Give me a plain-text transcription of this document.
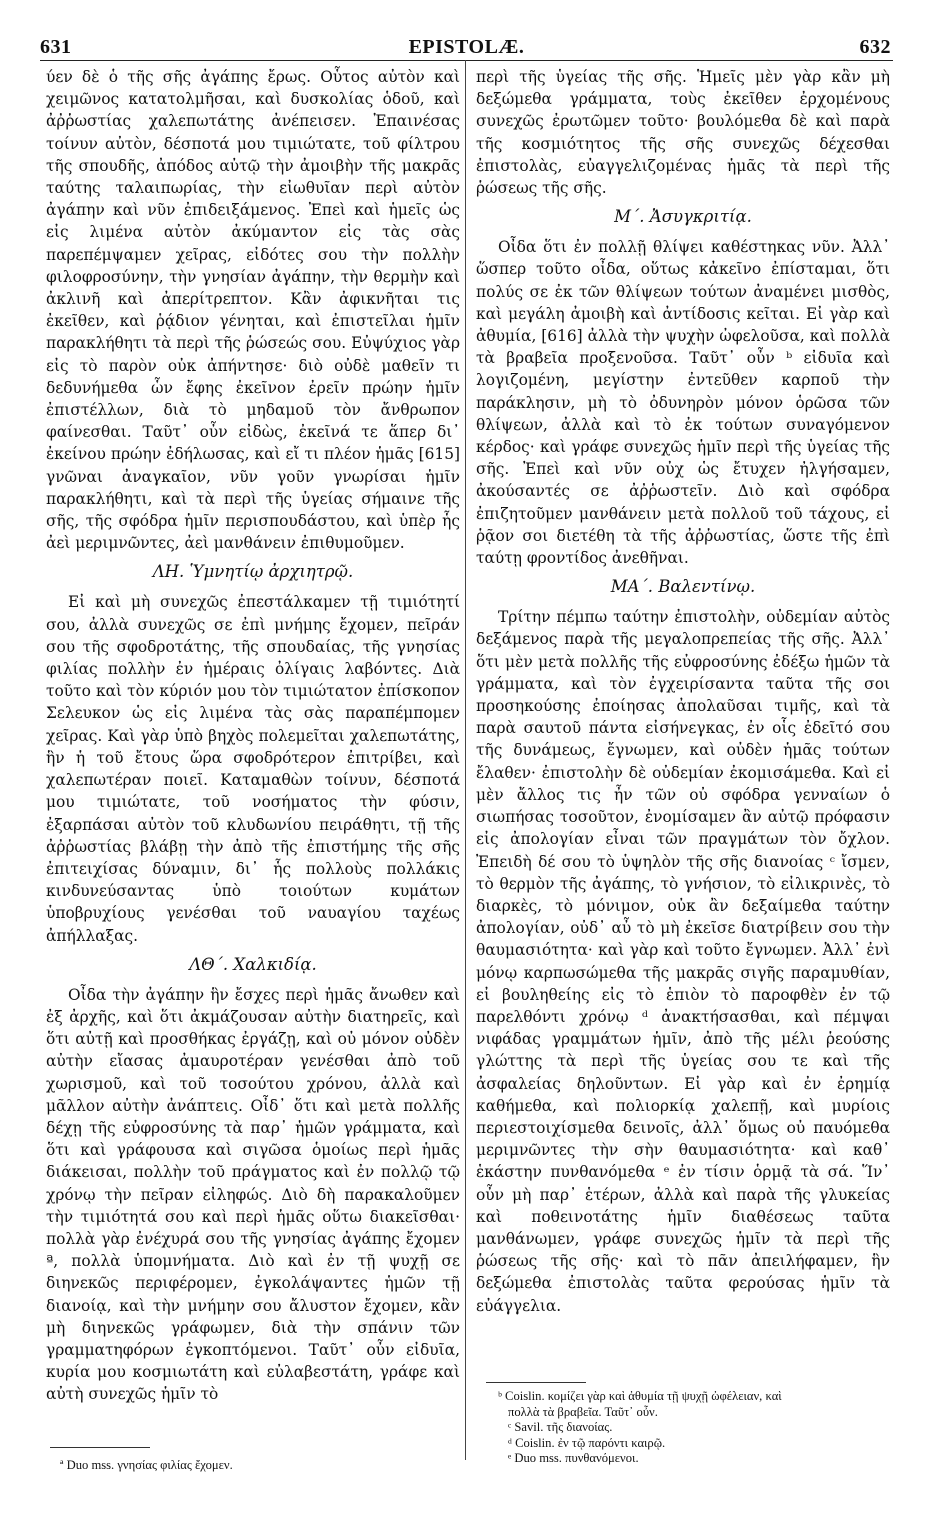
631	EPISTOLÆ.	632

ύεν δὲ ὁ τῆς σῆς ἀγάπης ἔρως. Οὗτος αὐτὸν καὶ χειμῶνος κατατολμῆσαι, καὶ δυσκολίας ὁδοῦ, καὶ ἀῤῥωστίας χαλεπωτάτης ἀνέπεισεν. Ἐπαινέσας τοίνυν αὐτὸν, δέσποτά μου τιμιώτατε, τοῦ φίλτρου τῆς σπουδῆς, ἀπόδος αὐτῷ τὴν ἀμοιβὴν τῆς μακρᾶς ταύτης ταλαιπωρίας, τὴν εἰωθυῖαν περὶ αὐτὸν ἀγάπην καὶ νῦν ἐπιδειξάμενος. Ἐπεὶ καὶ ἡμεῖς ὡς εἰς λιμένα αὐτὸν ἀκύμαντον εἰς τὰς σὰς παρεπέμψαμεν χεῖρας, εἰδότες σου τὴν πολλὴν φιλοφροσύνην, τὴν γνησίαν ἀγάπην, τὴν θερμὴν καὶ ἀκλινῆ καὶ ἀπερίτρεπτον. Κἂν ἀφικνῆται τις ἐκεῖθεν, καὶ ῥᾴδιον γένηται, καὶ ἐπιστεῖλαι ἡμῖν παρακλήθητι τὰ περὶ τῆς ῥώσεώς σου. Εὐψύχιος γὰρ εἰς τὸ παρὸν οὐκ ἀπήντησε· διὸ οὐδὲ μαθεῖν τι δεδυνήμεθα ὧν ἔφης ἐκεῖνον ἐρεῖν πρώην ἡμῖν ἐπιστέλλων, διὰ τὸ μηδαμοῦ τὸν ἄνθρωπον φαίνεσθαι. Ταῦτ᾽ οὖν εἰδὼς, ἐκεῖνά τε ἅπερ δι᾽ ἐκείνου πρώην ἐδήλωσας, καὶ εἴ τι πλέον ἡμᾶς [615] γνῶναι ἀναγκαῖον, νῦν γοῦν γνωρίσαι ἡμῖν παρακλήθητι, καὶ τὰ περὶ τῆς ὑγείας σήμαινε τῆς σῆς, τῆς σφόδρα ἡμῖν περισπουδάστου, καὶ ὑπὲρ ἧς ἀεὶ μεριμνῶντες, ἀεὶ μανθάνειν ἐπιθυμοῦμεν.

ΛΗ. Ὑμνητίῳ ἀρχιητρῷ.

Εἰ καὶ μὴ συνεχῶς ἐπεστάλκαμεν τῇ τιμιότητί σου, ἀλλὰ συνεχῶς σε ἐπὶ μνήμης ἔχομεν, πεῖράν σου τῆς σφοδροτάτης, τῆς σπουδαίας, τῆς γνησίας φιλίας πολλὴν ἐν ἡμέραις ὀλίγαις λαβόντες. Διὰ τοῦτο καὶ τὸν κύριόν μου τὸν τιμιώτατον ἐπίσκοπον Σελευκον ὡς εἰς λιμένα τὰς σὰς παραπέμπομεν χεῖρας. Καὶ γὰρ ὑπὸ βηχὸς πολεμεῖται χαλεπωτάτης, ἣν ἡ τοῦ ἔτους ὥρα σφοδρότερον ἐπιτρίβει, καὶ χαλεπωτέραν ποιεῖ. Καταμαθὼν τοίνυν, δέσποτά μου τιμιώτατε, τοῦ νοσήματος τὴν φύσιν, ἐξαρπάσαι αὐτὸν τοῦ κλυδωνίου πειράθητι, τῇ τῆς ἀῤῥωστίας βλάβῃ τὴν ἀπὸ τῆς ἐπιστήμης τῆς σῆς ἐπιτειχίσας δύναμιν, δι᾽ ἧς πολλοὺς πολλάκις κινδυνεύσαντας ὑπὸ τοιούτων κυμάτων ὑποβρυχίους γενέσθαι τοῦ ναυαγίου ταχέως ἀπήλλαξας.

ΛΘ΄. Χαλκιδίᾳ.

Οἶδα τὴν ἀγάπην ἣν ἔσχες περὶ ἡμᾶς ἄνωθεν καὶ ἐξ ἀρχῆς, καὶ ὅτι ἀκμάζουσαν αὐτὴν διατηρεῖς, καὶ ὅτι αὐτῇ καὶ προσθήκας ἐργάζῃ, καὶ οὐ μόνον οὐδὲν αὐτὴν εἴασας ἀμαυροτέραν γενέσθαι ἀπὸ τοῦ χωρισμοῦ, καὶ τοῦ τοσούτου χρόνου, ἀλλὰ καὶ μᾶλλον αὐτὴν ἀνάπτεις. Οἶδ᾽ ὅτι καὶ μετὰ πολλῆς δέχῃ τῆς εὐφροσύνης τὰ παρ᾽ ἡμῶν γράμματα, καὶ ὅτι καὶ γράφουσα καὶ σιγῶσα ὁμοίως περὶ ἡμᾶς διάκεισαι, πολλὴν τοῦ πράγματος καὶ ἐν πολλῷ τῷ χρόνῳ τὴν πεῖραν εἰληφώς. Διὸ δὴ παρακαλοῦμεν τὴν τιμιότητά σου καὶ περὶ ἡμᾶς οὕτω διακεῖσθαι· πολλὰ γὰρ ἐνέχυρά σου τῆς γνησίας ἀγάπης ἔχομεν ª, πολλὰ ὑπομνήματα. Διὸ καὶ ἐν τῇ ψυχῇ σε διηνεκῶς περιφέρομεν, ἐγκολάψαντες ἡμῶν τῇ διανοίᾳ, καὶ τὴν μνήμην σου ἄλυστον ἔχομεν, κἂν μὴ διηνεκῶς γράφωμεν, διὰ τὴν σπάνιν τῶν γραμματηφόρων ἐγκοπτόμενοι. Ταῦτ᾽ οὖν εἰδυῖα, κυρία μου κοσμιωτάτη καὶ εὐλαβεστάτη, γράφε καὶ αὐτὴ συνεχῶς ἡμῖν τὸ

περὶ τῆς ὑγείας τῆς σῆς. Ἡμεῖς μὲν γὰρ κἂν μὴ δεξώμεθα γράμματα, τοὺς ἐκεῖθεν ἐρχομένους συνεχῶς ἐρωτῶμεν τοῦτο· βουλόμεθα δὲ καὶ παρὰ τῆς κοσμιότητος τῆς σῆς συνεχῶς δέχεσθαι ἐπιστολὰς, εὐαγγελιζομένας ἡμᾶς τὰ περὶ τῆς ῥώσεως τῆς σῆς.

Μ΄. Ἀσυγκριτίᾳ.

Οἶδα ὅτι ἐν πολλῇ θλίψει καθέστηκας νῦν. Ἀλλ᾽ ὥσπερ τοῦτο οἶδα, οὕτως κἀκεῖνο ἐπίσταμαι, ὅτι πολύς σε ἐκ τῶν θλίψεων τούτων ἀναμένει μισθὸς, καὶ μεγάλη ἀμοιβὴ καὶ ἀντίδοσις κεῖται. Εἰ γὰρ καὶ ἀθυμία, [616] ἀλλὰ τὴν ψυχὴν ὠφελοῦσα, καὶ πολλὰ τὰ βραβεῖα προξενοῦσα. Ταῦτ᾽ οὖν ᵇ εἰδυῖα καὶ λογιζομένη, μεγίστην ἐντεῦθεν καρποῦ τὴν παράκλησιν, μὴ τὸ ὀδυνηρὸν μόνον ὁρῶσα τῶν θλίψεων, ἀλλὰ καὶ τὸ ἐκ τούτων συναγόμενον κέρδος· καὶ γράφε συνεχῶς ἡμῖν περὶ τῆς ὑγείας τῆς σῆς. Ἐπεὶ καὶ νῦν οὐχ ὡς ἔτυχεν ἠλγήσαμεν, ἀκούσαντές σε ἀῤῥωστεῖν. Διὸ καὶ σφόδρα ἐπιζητοῦμεν μανθάνειν μετὰ πολλοῦ τοῦ τάχους, εἰ ῥᾷον σοι διετέθη τὰ τῆς ἀῤῥωστίας, ὥστε τῆς ἐπὶ ταύτῃ φροντίδος ἀνεθῆναι.

ΜΑ΄. Βαλεντίνῳ.

Τρίτην πέμπω ταύτην ἐπιστολὴν, οὐδεμίαν αὐτὸς δεξάμενος παρὰ τῆς μεγαλοπρεπείας τῆς σῆς. Ἀλλ᾽ ὅτι μὲν μετὰ πολλῆς τῆς εὐφροσύνης ἐδέξω ἡμῶν τὰ γράμματα, καὶ τὸν ἐγχειρίσαντα ταῦτα τῆς σοι προσηκούσης ἐποίησας ἀπολαῦσαι τιμῆς, καὶ τὰ παρὰ σαυτοῦ πάντα εἰσήνεγκας, ἐν οἷς ἐδεῖτό σου τῆς δυνάμεως, ἔγνωμεν, καὶ οὐδὲν ἡμᾶς τούτων ἔλαθεν· ἐπιστολὴν δὲ οὐδεμίαν ἐκομισάμεθα. Καὶ εἰ μὲν ἄλλος τις ἦν τῶν οὐ σφόδρα γενναίων ὁ σιωπήσας τοσοῦτον, ἐνομίσαμεν ἂν αὐτῷ πρόφασιν εἰς ἀπολογίαν εἶναι τῶν πραγμάτων τὸν ὄχλον. Ἐπειδὴ δέ σου τὸ ὑψηλὸν τῆς σῆς διανοίας ᶜ ἴσμεν, τὸ θερμὸν τῆς ἀγάπης, τὸ γνήσιον, τὸ εἰλικρινὲς, τὸ διαρκὲς, τὸ μόνιμον, οὐκ ἂν δεξαίμεθα ταύτην ἀπολογίαν, οὐδ᾽ αὖ τὸ μὴ ἐκεῖσε διατρίβειν σου τὴν θαυμασιότητα· καὶ γὰρ καὶ τοῦτο ἔγνωμεν. Ἀλλ᾽ ἐνὶ μόνῳ καρπωσώμεθα τῆς μακρᾶς σιγῆς παραμυθίαν, εἰ βουληθείης εἰς τὸ ἑπιὸν τὸ παροφθὲν ἐν τῷ παρελθόντι χρόνῳ ᵈ ἀνακτήσασθαι, καὶ πέμψαι νιφάδας γραμμάτων ἡμῖν, ἀπὸ τῆς μέλι ῥεούσης γλώττης τὰ περὶ τῆς ὑγείας σου τε καὶ τῆς ἀσφαλείας δηλοῦντων. Εἰ γὰρ καὶ ἐν ἐρημίᾳ καθήμεθα, καὶ πολιορκίᾳ χαλεπῇ, καὶ μυρίοις περιεστοιχίσμεθα δεινοῖς, ἀλλ᾽ ὅμως οὐ παυόμεθα μεριμνῶντες τὴν σὴν θαυμασιότητα· καὶ καθ᾽ ἑκάστην πυνθανόμεθα ᵉ ἐν τίσιν ὁρμᾷ τὰ σά. Ἵν᾽ οὖν μὴ παρ᾽ ἑτέρων, ἀλλὰ καὶ παρὰ τῆς γλυκείας καὶ ποθεινοτάτης ἡμῖν διαθέσεως ταῦτα μανθάνωμεν, γράφε συνεχῶς ἡμῖν τὰ περὶ τῆς ῥώσεως τῆς σῆς· καὶ τὸ πᾶν ἀπειλήφαμεν, ἣν δεξώμεθα ἐπιστολὰς ταῦτα φερούσας ἡμῖν τὰ εὐάγγελια.

ª Duo mss. γνησίας φιλίας ἔχομεν.
ᵇ Coislin. κομίζει γὰρ καὶ ἀθυμία τῇ ψυχῇ ὠφέλειαν, καὶ
πολλὰ τὰ βραβεῖα. Ταῦτ᾽ οὖν.
ᶜ Savil. τῆς διανοίας.
ᵈ Coislin. ἐν τῷ παρόντι καιρῷ.
ᵉ Duo mss. πυνθανόμενοι.
